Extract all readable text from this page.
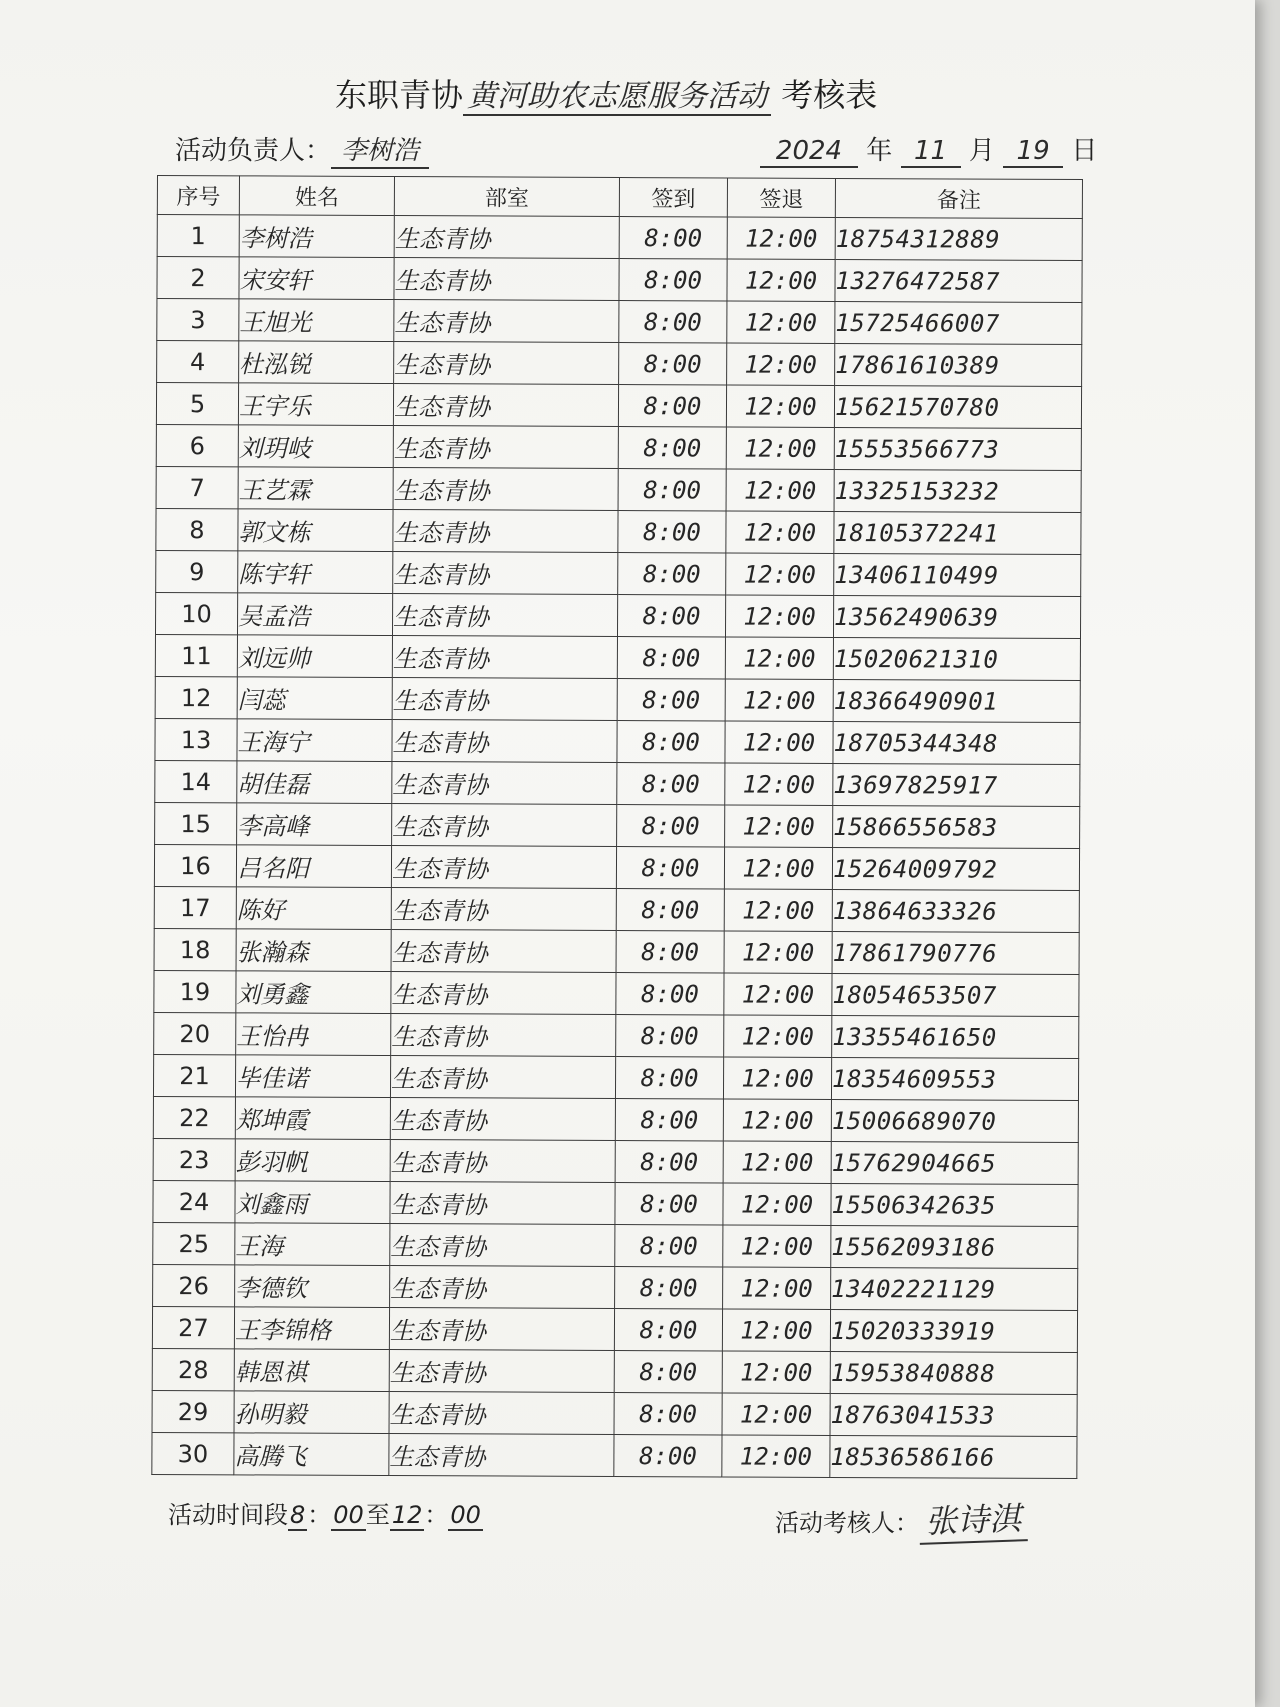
东职青协 黄河助农志愿服务活动 考核表
活动负责人： 李树浩	2024 年 11 月 19 日
序号	姓名	部室	签到	签退	备注
1	李树浩	生态青协	8:00	12:00	18754312889
2	宋安轩	生态青协	8:00	12:00	13276472587
3	王旭光	生态青协	8:00	12:00	15725466007
4	杜泓锐	生态青协	8:00	12:00	17861610389
5	王宇乐	生态青协	8:00	12:00	15621570780
6	刘玥岐	生态青协	8:00	12:00	15553566773
7	王艺霖	生态青协	8:00	12:00	13325153232
8	郭文栋	生态青协	8:00	12:00	18105372241
9	陈宇轩	生态青协	8:00	12:00	13406110499
10	吴孟浩	生态青协	8:00	12:00	13562490639
11	刘远帅	生态青协	8:00	12:00	15020621310
12	闫蕊	生态青协	8:00	12:00	18366490901
13	王海宁	生态青协	8:00	12:00	18705344348
14	胡佳磊	生态青协	8:00	12:00	13697825917
15	李高峰	生态青协	8:00	12:00	15866556583
16	吕名阳	生态青协	8:00	12:00	15264009792
17	陈好	生态青协	8:00	12:00	13864633326
18	张瀚森	生态青协	8:00	12:00	17861790776
19	刘勇鑫	生态青协	8:00	12:00	18054653507
20	王怡冉	生态青协	8:00	12:00	13355461650
21	毕佳诺	生态青协	8:00	12:00	18354609553
22	郑坤霞	生态青协	8:00	12:00	15006689070
23	彭羽帆	生态青协	8:00	12:00	15762904665
24	刘鑫雨	生态青协	8:00	12:00	15506342635
25	王海	生态青协	8:00	12:00	15562093186
26	李德钦	生态青协	8:00	12:00	13402221129
27	王李锦格	生态青协	8:00	12:00	15020333919
28	韩恩祺	生态青协	8:00	12:00	15953840888
29	孙明毅	生态青协	8:00	12:00	18763041533
30	高腾飞	生态青协	8:00	12:00	18536586166
活动时间段8：00至12：00	活动考核人： 张诗淇
